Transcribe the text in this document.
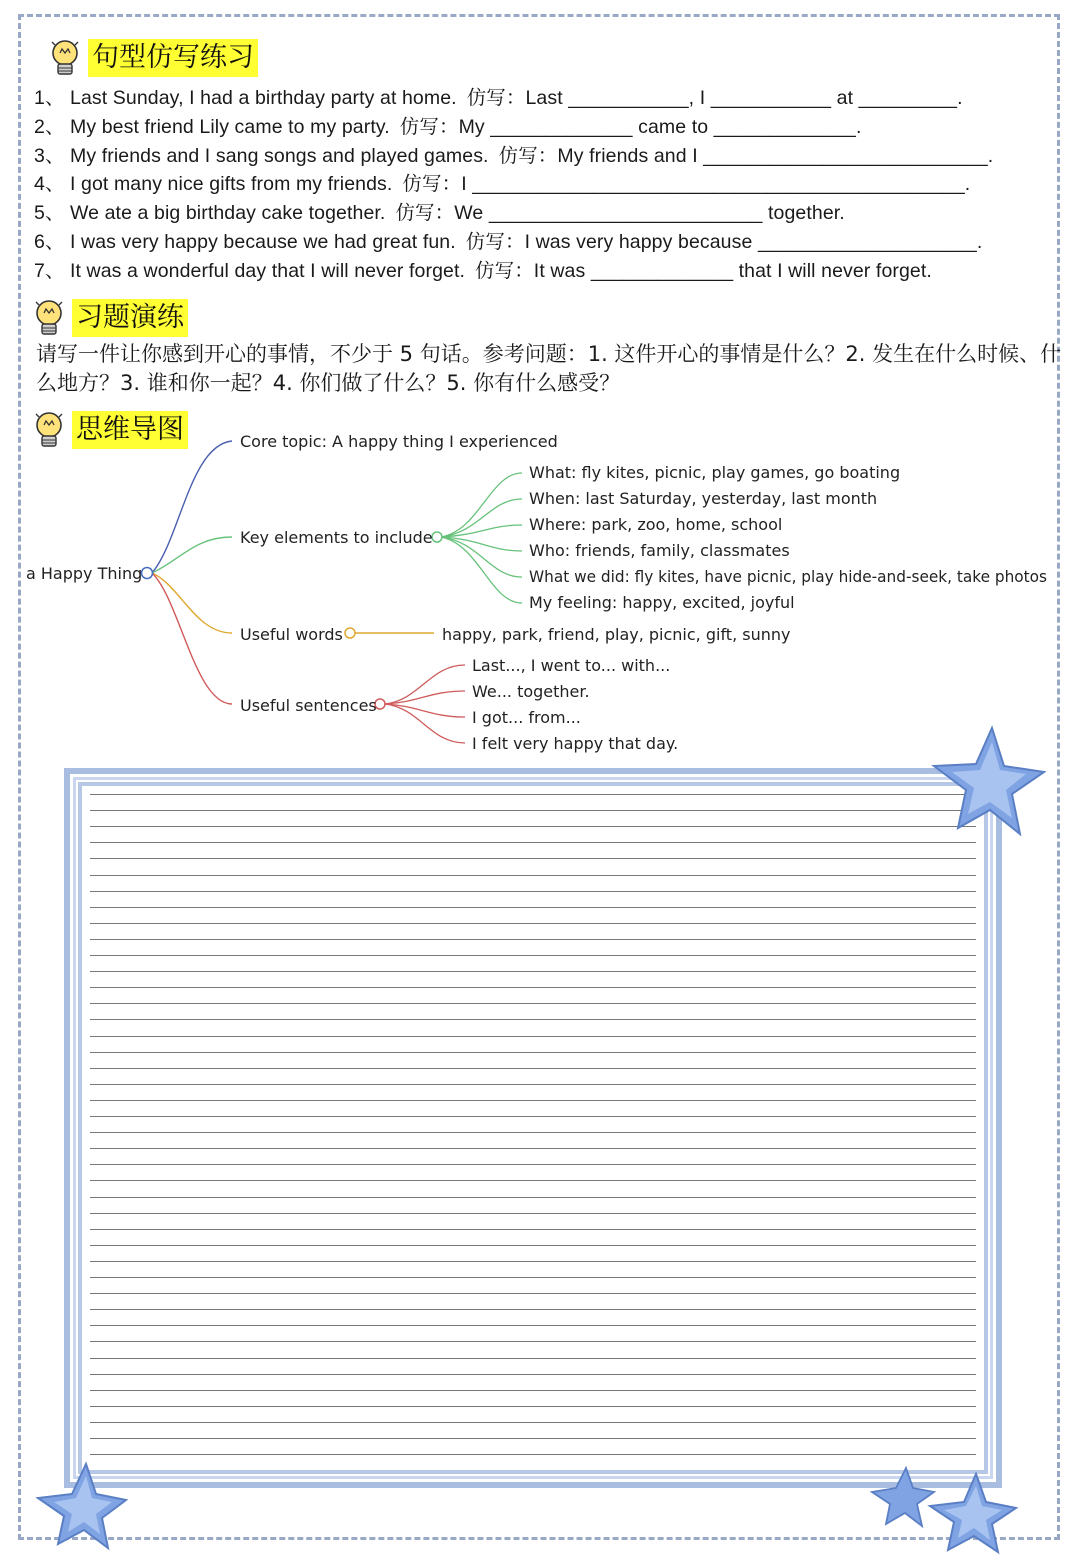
句型仿写练习
1、 Last Sunday, I had a birthday party at home. 仿写：Last ___________, I ___________ at _________.
2、 My best friend Lily came to my party. 仿写：My _____________ came to _____________.
3、 My friends and I sang songs and played games. 仿写：My friends and I __________________________.
4、 I got many nice gifts from my friends. 仿写：I _____________________________________________.
5、 We ate a big birthday cake together. 仿写：We _________________________ together.
6、 I was very happy because we had great fun. 仿写：I was very happy because ____________________.
7、 It was a wonderful day that I will never forget. 仿写：It was _____________ that I will never forget.
习题演练
请写一件让你感到开心的事情，不少于 5 句话。参考问题：1. 这件开心的事情是什么？2. 发生在什么时候、什么地方？3. 谁和你一起？4. 你们做了什么？5. 你有什么感受？
思维导图
a Happy Thing
Core topic: A happy thing I experienced
Key elements to include
What: fly kites, picnic, play games, go boating
When: last Saturday, yesterday, last month
Where: park, zoo, home, school
Who: friends, family, classmates
What we did: fly kites, have picnic, play hide-and-seek, take photos
My feeling: happy, excited, joyful
Useful words	happy, park, friend, play, picnic, gift, sunny
Useful sentences
Last..., I went to... with...
We... together.
I got... from...
I felt very happy that day.
